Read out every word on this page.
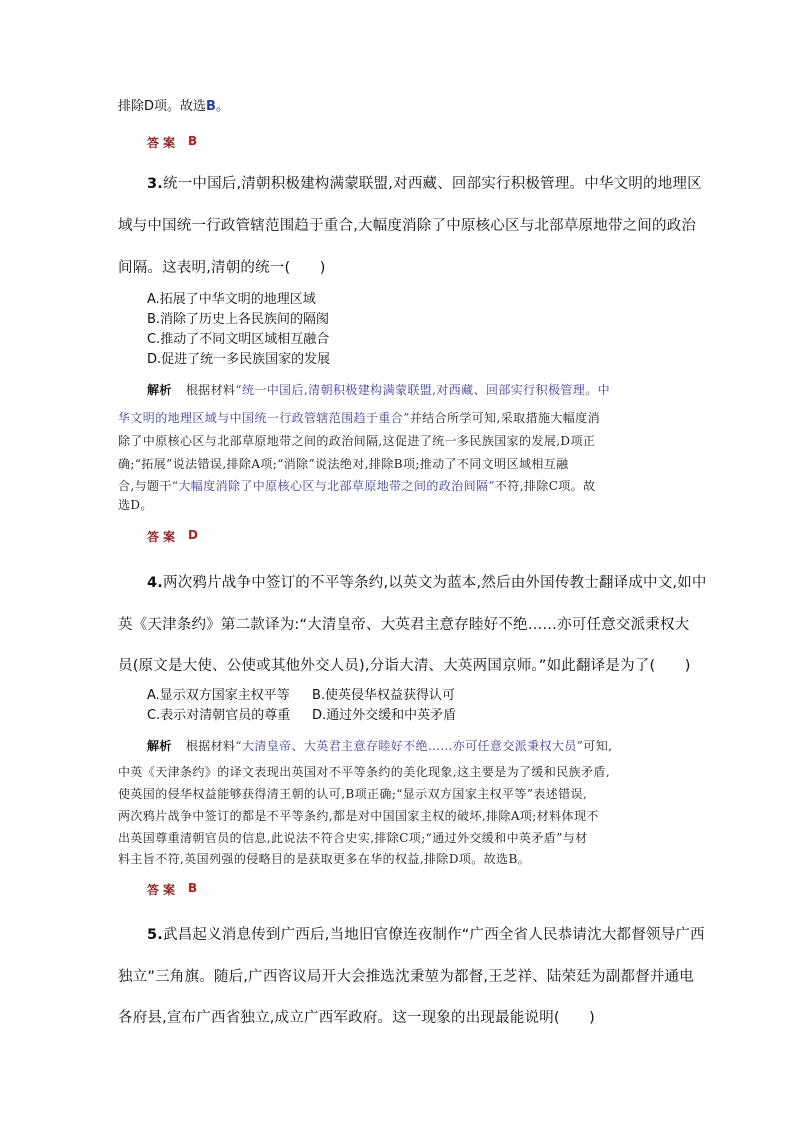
排除D项。故选B。

答案 B

3.统一中国后,清朝积极建构满蒙联盟,对西藏、回部实行积极管理。中华文明的地理区

域与中国统一行政管辖范围趋于重合,大幅度消除了中原核心区与北部草原地带之间的政治

间隔。这表明,清朝的统一(　　)

A.拓展了中华文明的地理区域
B.消除了历史上各民族间的隔阂
C.推动了不同文明区域相互融合
D.促进了统一多民族国家的发展

解析 根据材料“统一中国后,清朝积极建构满蒙联盟,对西藏、回部实行积极管理。中

华文明的地理区域与中国统一行政管辖范围趋于重合”并结合所学可知,采取措施大幅度消

除了中原核心区与北部草原地带之间的政治间隔,这促进了统一多民族国家的发展,D项正

确;“拓展”说法错误,排除A项;“消除”说法绝对,排除B项;推动了不同文明区域相互融

合,与题干“大幅度消除了中原核心区与北部草原地带之间的政治间隔”不符,排除C项。故

选D。

答案 D

4.两次鸦片战争中签订的不平等条约,以英文为蓝本,然后由外国传教士翻译成中文,如中

英《天津条约》第二款译为:“大清皇帝、大英君主意存睦好不绝……亦可任意交派秉权大

员(原文是大使、公使或其他外交人员),分诣大清、大英两国京师。”如此翻译是为了(　　)

A.显示双方国家主权平等 B.使英侵华权益获得认可
C.表示对清朝官员的尊重 D.通过外交缓和中英矛盾

解析 根据材料“大清皇帝、大英君主意存睦好不绝……亦可任意交派秉权大员”可知,

中英《天津条约》的译文表现出英国对不平等条约的美化现象,这主要是为了缓和民族矛盾,

使英国的侵华权益能够获得清王朝的认可,B项正确;“显示双方国家主权平等”表述错误,

两次鸦片战争中签订的都是不平等条约,都是对中国国家主权的破坏,排除A项;材料体现不

出英国尊重清朝官员的信息,此说法不符合史实,排除C项;“通过外交缓和中英矛盾”与材

料主旨不符,英国列强的侵略目的是获取更多在华的权益,排除D项。故选B。

答案 B

5.武昌起义消息传到广西后,当地旧官僚连夜制作“广西全省人民恭请沈大都督领导广西

独立”三角旗。随后,广西咨议局开大会推选沈秉堃为都督,王芝祥、陆荣廷为副都督并通电

各府县,宣布广西省独立,成立广西军政府。这一现象的出现最能说明(　　)
